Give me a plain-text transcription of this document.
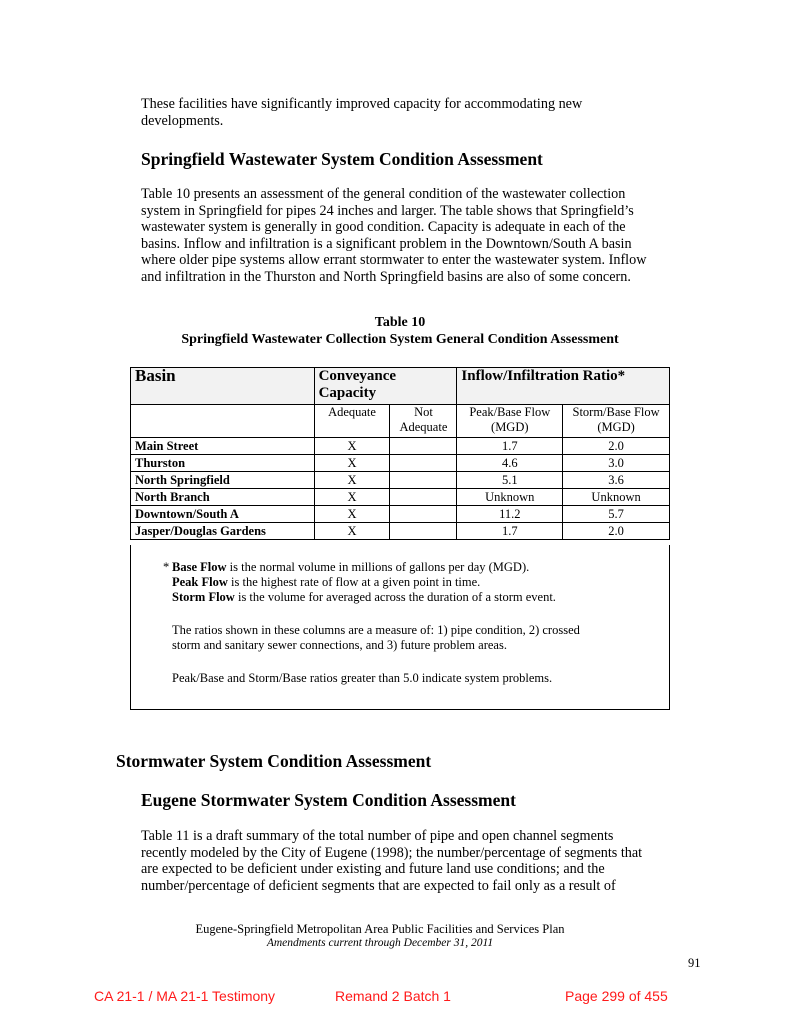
These facilities have significantly improved capacity for accommodating new
developments.
Springfield Wastewater System Condition Assessment
Table 10 presents an assessment of the general condition of the wastewater collection
system in Springfield for pipes 24 inches and larger. The table shows that Springfield’s
wastewater system is generally in good condition. Capacity is adequate in each of the
basins. Inflow and infiltration is a significant problem in the Downtown/South A basin
where older pipe systems allow errant stormwater to enter the wastewater system. Inflow
and infiltration in the Thurston and North Springfield basins are also of some concern.
Table 10
Springfield Wastewater Collection System General Condition Assessment
Basin	Conveyance Capacity		Inflow/Infiltration Ratio*	
	Adequate	Not Adequate	Peak/Base Flow (MGD)	Storm/Base Flow (MGD)
Main Street	X		1.7	2.0
Thurston	X		4.6	3.0
North Springfield	X		5.1	3.6
North Branch	X		Unknown	Unknown
Downtown/South A	X		11.2	5.7
Jasper/Douglas Gardens	X		1.7	2.0
* Base Flow is the normal volume in millions of gallons per day (MGD).
Peak Flow is the highest rate of flow at a given point in time.
Storm Flow is the volume for averaged across the duration of a storm event.
The ratios shown in these columns are a measure of: 1) pipe condition, 2) crossed
storm and sanitary sewer connections, and 3) future problem areas.
Peak/Base and Storm/Base ratios greater than 5.0 indicate system problems.
Stormwater System Condition Assessment
Eugene Stormwater System Condition Assessment
Table 11 is a draft summary of the total number of pipe and open channel segments
recently modeled by the City of Eugene (1998); the number/percentage of segments that
are expected to be deficient under existing and future land use conditions; and the
number/percentage of deficient segments that are expected to fail only as a result of
Eugene-Springfield Metropolitan Area Public Facilities and Services Plan
Amendments current through December 31, 2011
91
CA 21-1 / MA 21-1 Testimony	Remand 2 Batch 1	Page 299 of 455
